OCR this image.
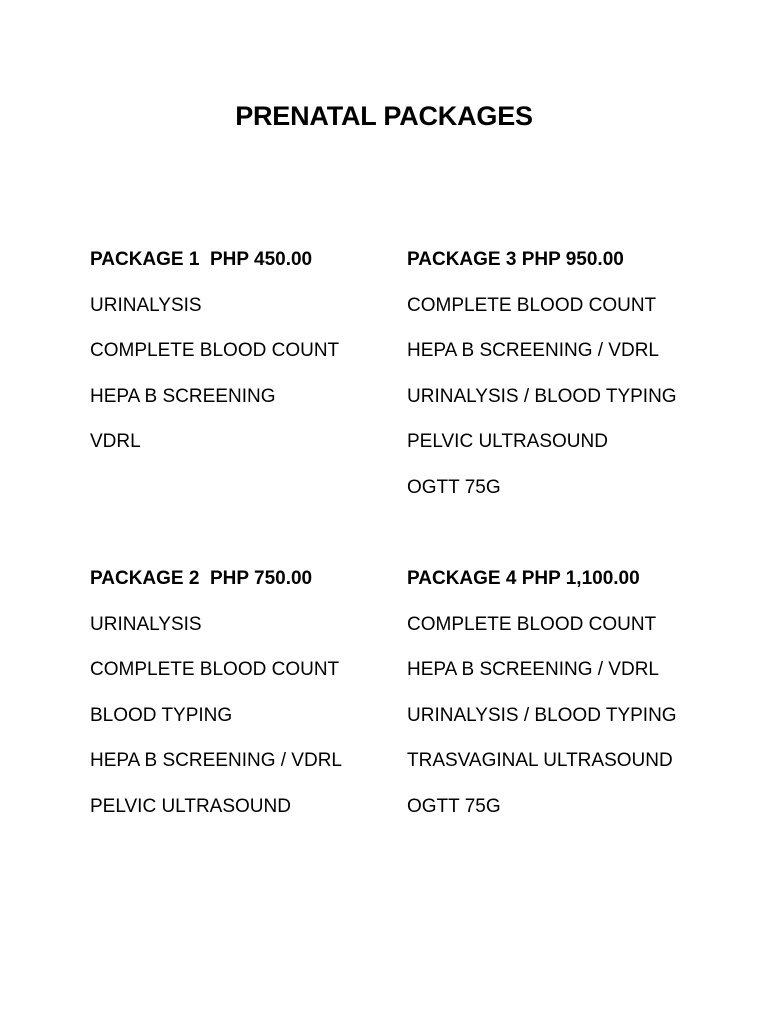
PRENATAL PACKAGES
PACKAGE 1  PHP 450.00
URINALYSIS
COMPLETE BLOOD COUNT
HEPA B SCREENING
VDRL
PACKAGE 3 PHP 950.00
COMPLETE BLOOD COUNT
HEPA B SCREENING / VDRL
URINALYSIS / BLOOD TYPING
PELVIC ULTRASOUND
OGTT 75G
PACKAGE 2  PHP 750.00
URINALYSIS
COMPLETE BLOOD COUNT
BLOOD TYPING
HEPA B SCREENING / VDRL
PELVIC ULTRASOUND
PACKAGE 4 PHP 1,100.00
COMPLETE BLOOD COUNT
HEPA B SCREENING / VDRL
URINALYSIS / BLOOD TYPING
TRASVAGINAL ULTRASOUND
OGTT 75G
